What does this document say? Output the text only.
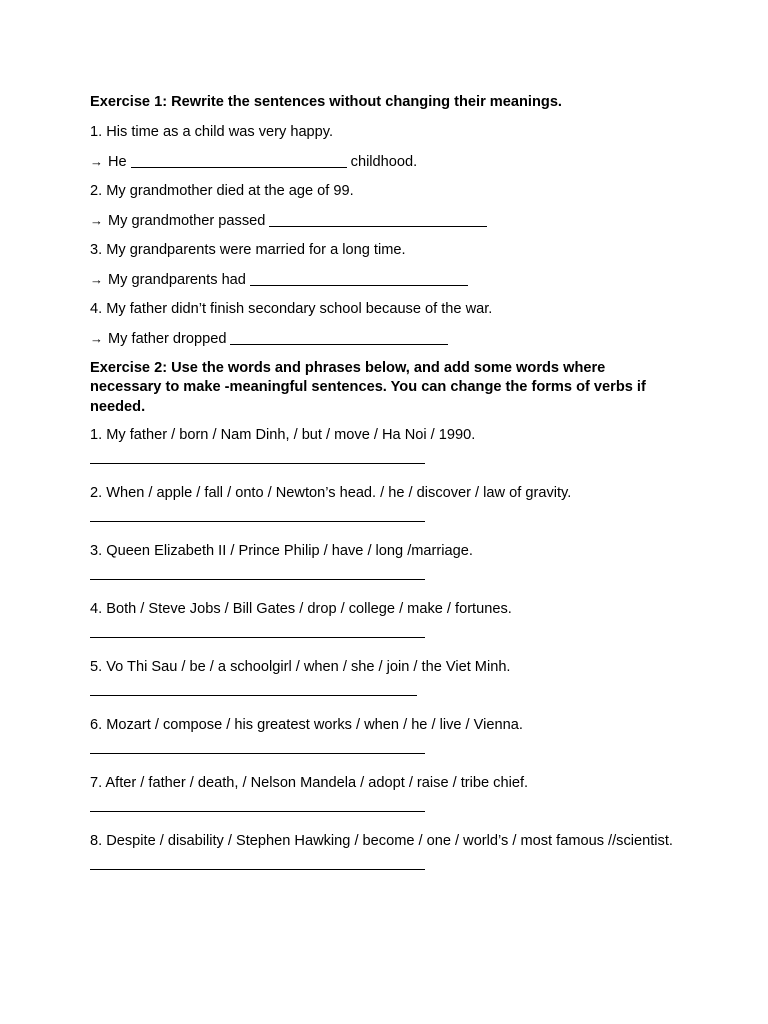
Exercise 1: Rewrite the sentences without changing their meanings.

1. His time as a child was very happy.
→ He	childhood.
2. My grandmother died at the age of 99.
→ My grandmother passed
3. My grandparents were married for a long time.
→ My grandparents had
4. My father didn’t finish secondary school because of the war.
→ My father dropped

Exercise 2: Use the words and phrases below, and add some words where necessary to make -meaningful sentences. You can change the forms of verbs if needed.

1. My father / born / Nam Dinh, / but / move / Ha Noi / 1990.
2. When / apple / fall / onto / Newton’s head. / he / discover / law of gravity.
3. Queen Elizabeth II / Prince Philip / have / long /marriage.
4. Both / Steve Jobs / Bill Gates / drop / college / make / fortunes.
5. Vo Thi Sau / be / a schoolgirl / when / she / join / the Viet Minh.
6. Mozart / compose / his greatest works / when / he / live / Vienna.
7. After / father / death, / Nelson Mandela / adopt / raise / tribe chief.
8. Despite / disability / Stephen Hawking / become / one / world’s / most famous //scientist.
